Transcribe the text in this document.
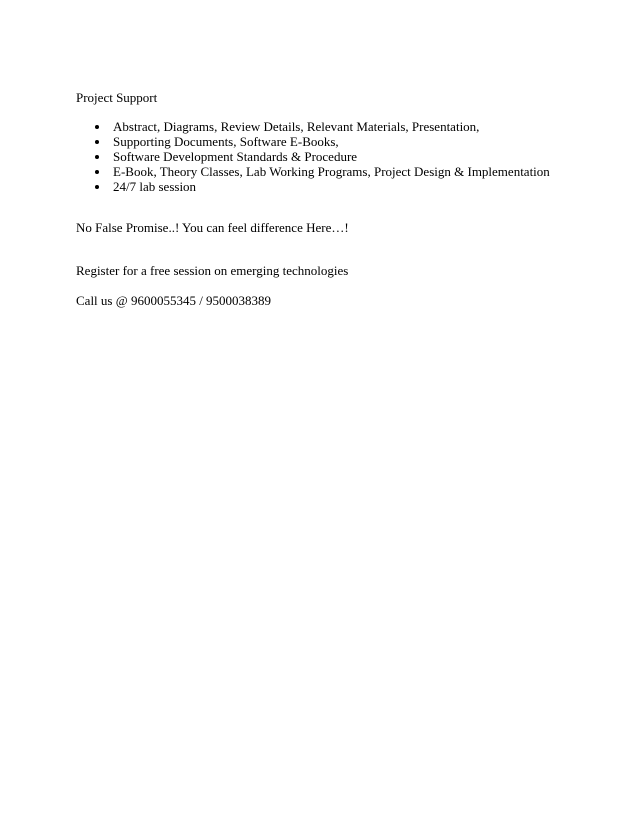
Project Support
Abstract, Diagrams, Review Details, Relevant Materials, Presentation,
Supporting Documents, Software E-Books,
Software Development Standards & Procedure
E-Book, Theory Classes, Lab Working Programs, Project Design & Implementation
24/7 lab session
No False Promise..! You can feel difference Here…!
Register for a free session on emerging technologies
Call us @ 9600055345 / 9500038389
